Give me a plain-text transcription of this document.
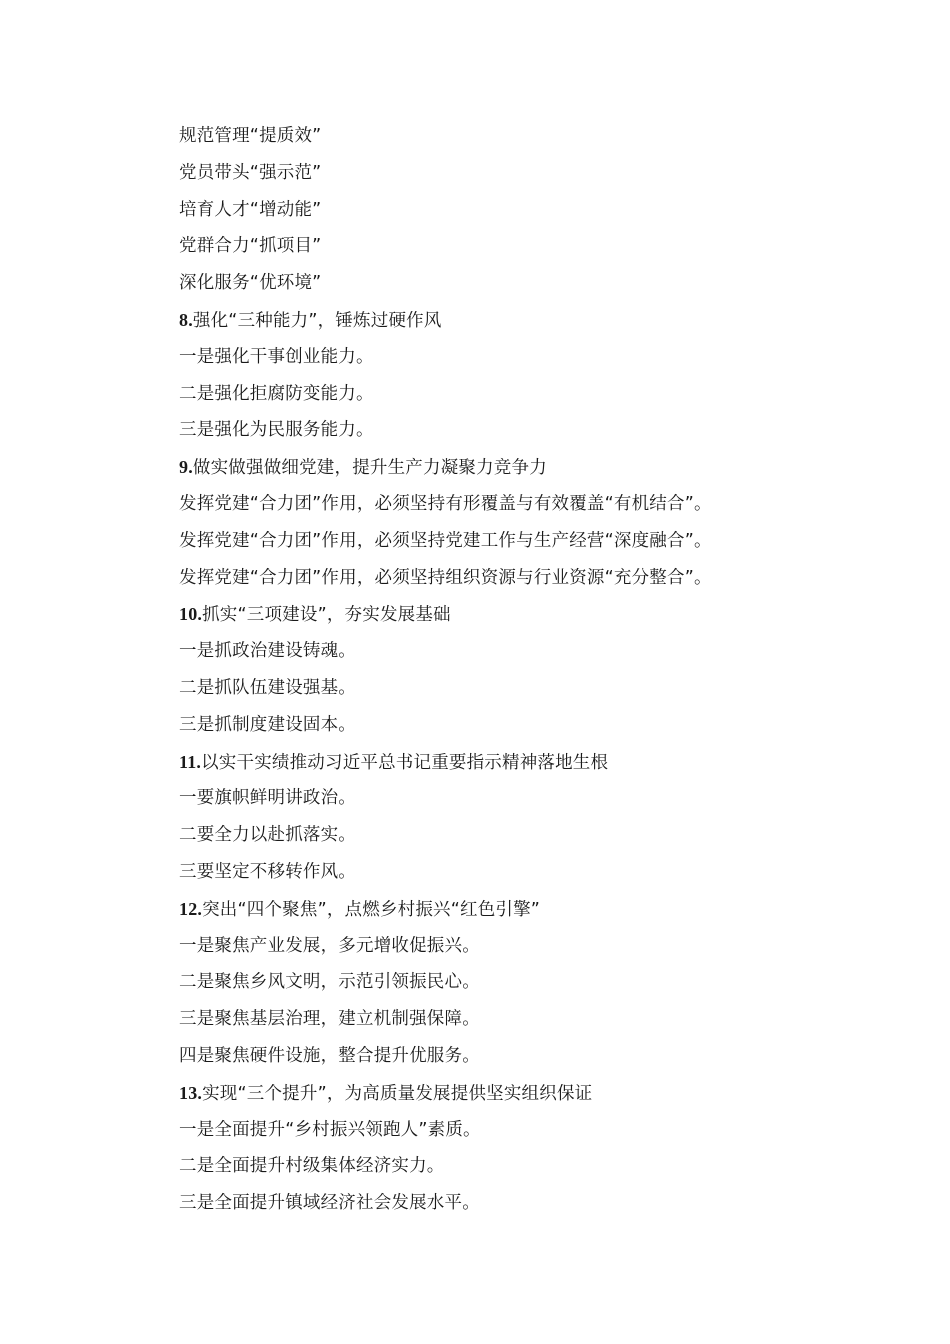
规范管理“提质效”
党员带头“强示范”
培育人才“增动能”
党群合力“抓项目”
深化服务“优环境”
8.强化“三种能力”，锤炼过硬作风
一是强化干事创业能力。
二是强化拒腐防变能力。
三是强化为民服务能力。
9.做实做强做细党建，提升生产力凝聚力竞争力
发挥党建“合力团”作用，必须坚持有形覆盖与有效覆盖“有机结合”。
发挥党建“合力团”作用，必须坚持党建工作与生产经营“深度融合”。
发挥党建“合力团”作用，必须坚持组织资源与行业资源“充分整合”。
10.抓实“三项建设”，夯实发展基础
一是抓政治建设铸魂。
二是抓队伍建设强基。
三是抓制度建设固本。
11.以实干实绩推动习近平总书记重要指示精神落地生根
一要旗帜鲜明讲政治。
二要全力以赴抓落实。
三要坚定不移转作风。
12.突出“四个聚焦”，点燃乡村振兴“红色引擎”
一是聚焦产业发展，多元增收促振兴。
二是聚焦乡风文明，示范引领振民心。
三是聚焦基层治理，建立机制强保障。
四是聚焦硬件设施，整合提升优服务。
13.实现“三个提升”，为高质量发展提供坚实组织保证
一是全面提升“乡村振兴领跑人”素质。
二是全面提升村级集体经济实力。
三是全面提升镇域经济社会发展水平。
